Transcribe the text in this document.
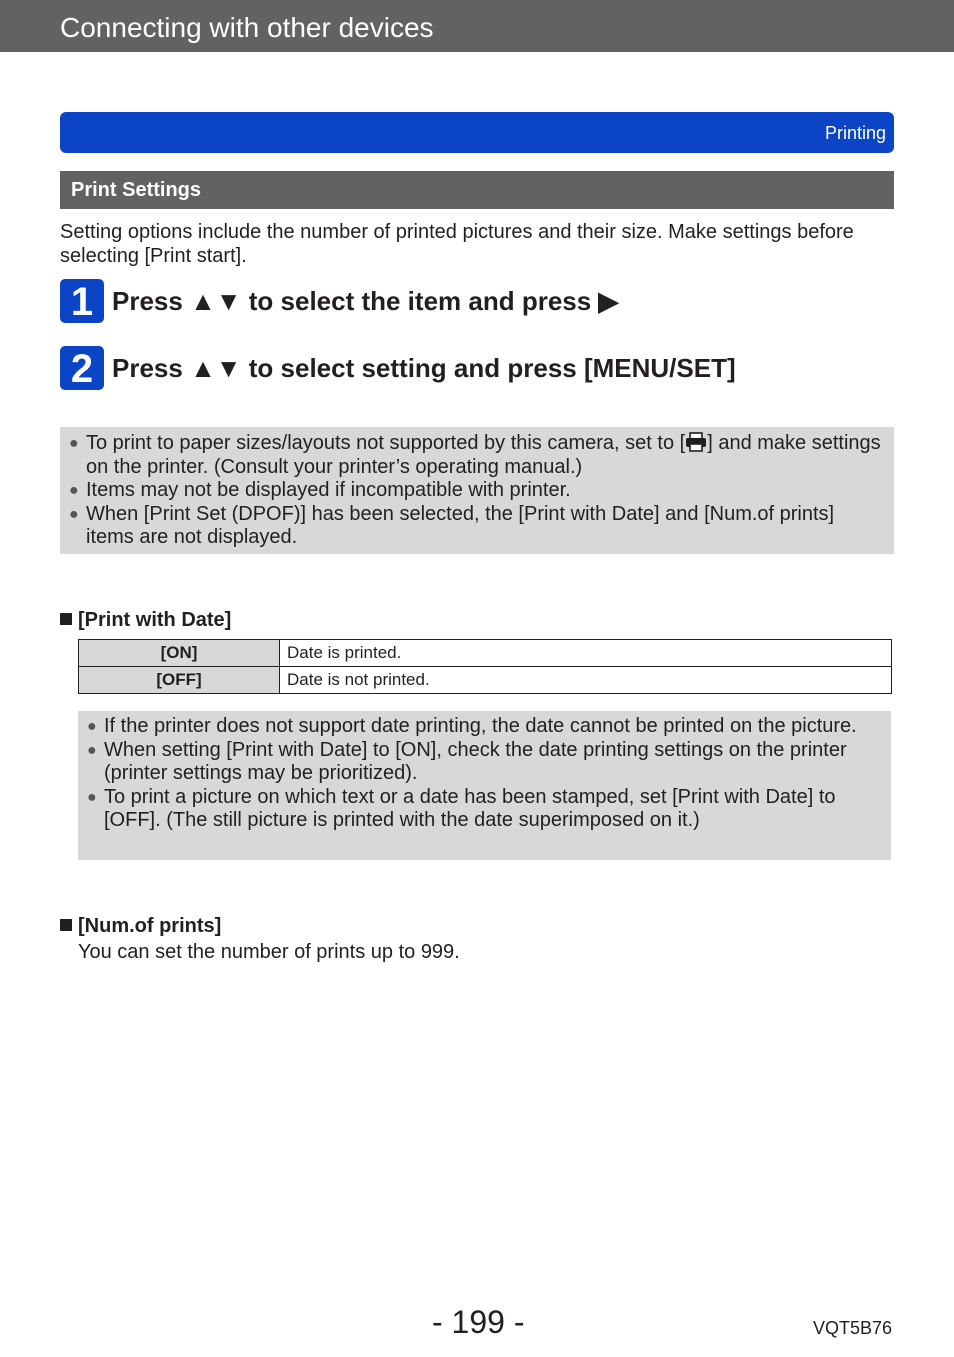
Connecting with other devices
Printing
Print Settings
Setting options include the number of printed pictures and their size. Make settings before selecting [Print start].
1 Press ▲▼ to select the item and press ▶
2 Press ▲▼ to select setting and press [MENU/SET]
● To print to paper sizes/layouts not supported by this camera, set to [ ] and make settings on the printer. (Consult your printer’s operating manual.)
● Items may not be displayed if incompatible with printer.
● When [Print Set (DPOF)] has been selected, the [Print with Date] and [Num.of prints] items are not displayed.
[Print with Date]
[ON]	Date is printed.
[OFF]	Date is not printed.
● If the printer does not support date printing, the date cannot be printed on the picture.
● When setting [Print with Date] to [ON], check the date printing settings on the printer (printer settings may be prioritized).
● To print a picture on which text or a date has been stamped, set [Print with Date] to [OFF]. (The still picture is printed with the date superimposed on it.)
[Num.of prints]
You can set the number of prints up to 999.
- 199 -	VQT5B76
